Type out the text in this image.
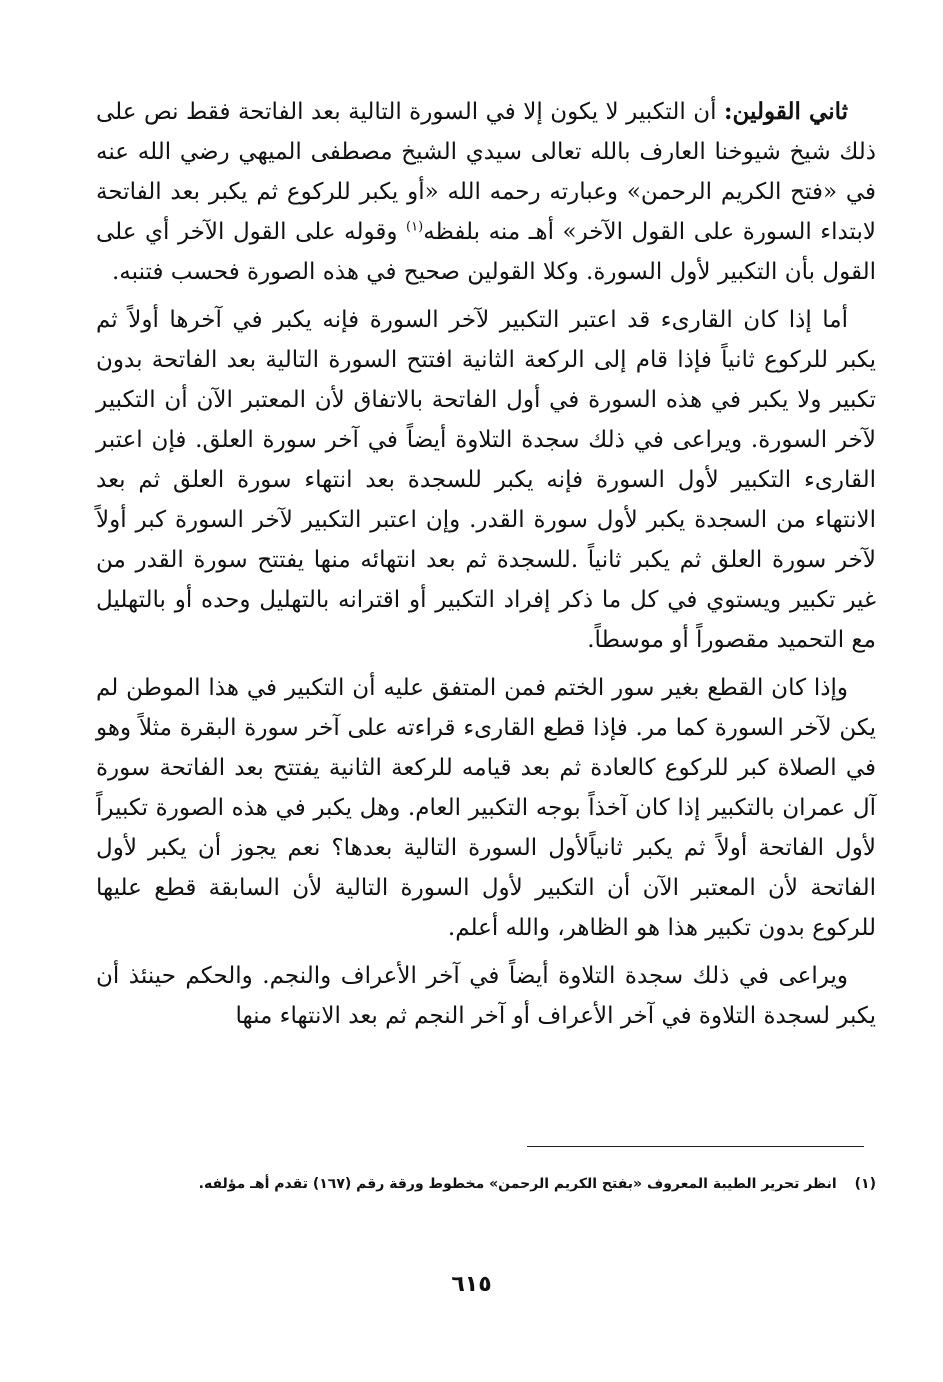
ثاني القولين: أن التكبير لا يكون إلا في السورة التالية بعد الفاتحة فقط نص على ذلك شيخ شيوخنا العارف بالله تعالى سيدي الشيخ مصطفى الميهي رضي الله عنه في «فتح الكريم الرحمن» وعبارته رحمه الله «أو يكبر للركوع ثم يكبر بعد الفاتحة لابتداء السورة على القول الآخر» أهـ منه بلفظه$^{(١)}$ وقوله على القول الآخر أي على القول بأن التكبير لأول السورة. وكلا القولين صحيح في هذه الصورة فحسب فتنبه.

أما إذا كان القارىء قد اعتبر التكبير لآخر السورة فإنه يكبر في آخرها أولاً ثم يكبر للركوع ثانياً فإذا قام إلى الركعة الثانية افتتح السورة التالية بعد الفاتحة بدون تكبير ولا يكبر في هذه السورة في أول الفاتحة بالاتفاق لأن المعتبر الآن أن التكبير لآخر السورة. ويراعى في ذلك سجدة التلاوة أيضاً في آخر سورة العلق. فإن اعتبر القارىء التكبير لأول السورة فإنه يكبر للسجدة بعد انتهاء سورة العلق ثم بعد الانتهاء من السجدة يكبر لأول سورة القدر. وإن اعتبر التكبير لآخر السورة كبر أولاً لآخر سورة العلق ثم يكبر ثانياً .للسجدة ثم بعد انتهائه منها يفتتح سورة القدر من غير تكبير ويستوي في كل ما ذكر إفراد التكبير أو اقترانه بالتهليل وحده أو بالتهليل مع التحميد مقصوراً أو موسطاً.

وإذا كان القطع بغير سور الختم فمن المتفق عليه أن التكبير في هذا الموطن لم يكن لآخر السورة كما مر. فإذا قطع القارىء قراءته على آخر سورة البقرة مثلاً وهو في الصلاة كبر للركوع كالعادة ثم بعد قيامه للركعة الثانية يفتتح بعد الفاتحة سورة آل عمران بالتكبير إذا كان آخذاً بوجه التكبير العام. وهل يكبر في هذه الصورة تكبيراً لأول الفاتحة أولاً ثم يكبر ثانياًلأول السورة التالية بعدها؟ نعم يجوز أن يكبر لأول الفاتحة لأن المعتبر الآن أن التكبير لأول السورة التالية لأن السابقة قطع عليها للركوع بدون تكبير هذا هو الظاهر، والله أعلم.

ويراعى في ذلك سجدة التلاوة أيضاً في آخر الأعراف والنجم. والحكم حينئذ أن يكبر لسجدة التلاوة في آخر الأعراف أو آخر النجم ثم بعد الانتهاء منها

(١)انظر تحرير الطيبة المعروف «بفتح الكريم الرحمن» مخطوط ورقة رقم (١٦٧) تقدم أهـ مؤلفه.
٦١٥
